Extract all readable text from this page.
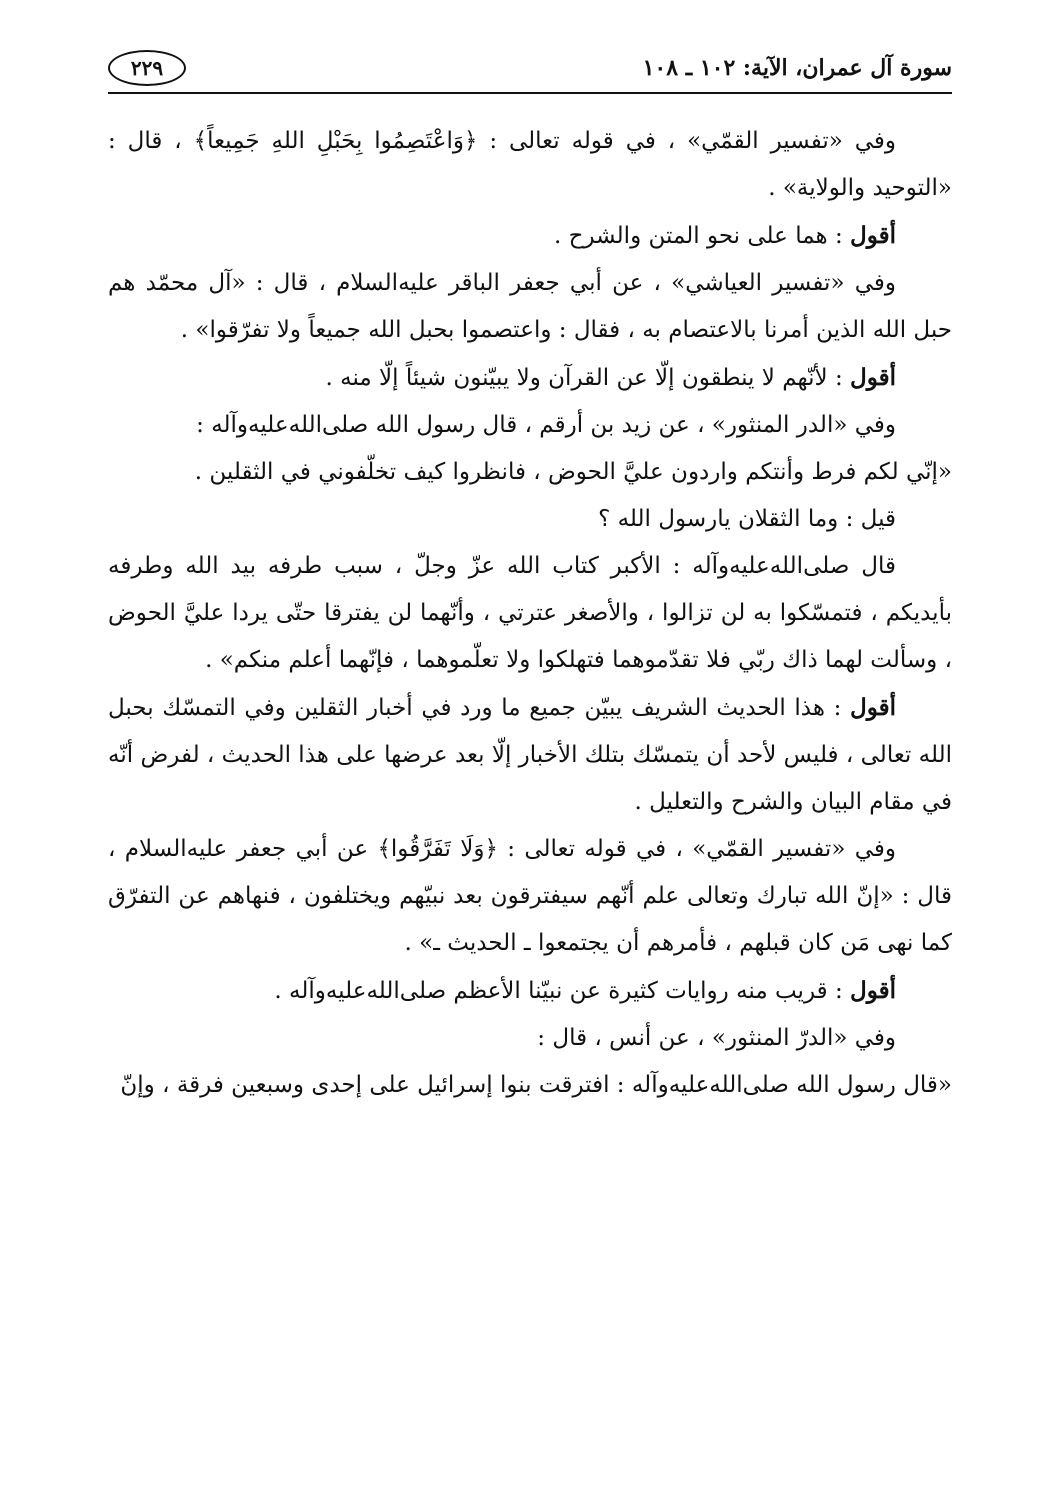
سورة آل عمران، الآية: ١٠٢ ـ ١٠٨
٢٢٩

وفي «تفسير القمّي» ، في قوله تعالى : ﴿وَاعْتَصِمُوا بِحَبْلِ اللهِ جَمِيعاً﴾ ، قال : «التوحيد والولاية» .

أقول : هما على نحو المتن والشرح .

وفي «تفسير العياشي» ، عن أبي جعفر الباقر عليه‌السلام ، قال : «آل محمّد هم حبل الله الذين أمرنا بالاعتصام به ، فقال : واعتصموا بحبل الله جميعاً ولا تفرّقوا» .

أقول : لأنّهم لا ينطقون إلّا عن القرآن ولا يبيّنون شيئاً إلّا منه .

وفي «الدر المنثور» ، عن زيد بن أرقم ، قال رسول الله صلى‌الله‌عليه‌وآله :

«إنّي لكم فرط وأنتكم واردون عليَّ الحوض ، فانظروا كيف تخلّفوني في الثقلين .

قيل : وما الثقلان يارسول الله ؟

قال صلى‌الله‌عليه‌وآله : الأكبر كتاب الله عزّ وجلّ ، سبب طرفه بيد الله وطرفه بأيديكم ، فتمسّكوا به لن تزالوا ، والأصغر عترتي ، وأنّهما لن يفترقا حتّى يردا عليَّ الحوض ، وسألت لهما ذاك ربّي فلا تقدّموهما فتهلكوا ولا تعلّموهما ، فإنّهما أعلم منكم» .

أقول : هذا الحديث الشريف يبيّن جميع ما ورد في أخبار الثقلين وفي التمسّك بحبل الله تعالى ، فليس لأحد أن يتمسّك بتلك الأخبار إلّا بعد عرضها على هذا الحديث ، لفرض أنّه في مقام البيان والشرح والتعليل .

وفي «تفسير القمّي» ، في قوله تعالى : ﴿وَلَا تَفَرَّقُوا﴾ عن أبي جعفر عليه‌السلام ، قال : «إنّ الله تبارك وتعالى علم أنّهم سيفترقون بعد نبيّهم ويختلفون ، فنهاهم عن التفرّق كما نهى مَن كان قبلهم ، فأمرهم أن يجتمعوا ـ الحديث ـ» .

أقول : قريب منه روايات كثيرة عن نبيّنا الأعظم صلى‌الله‌عليه‌وآله .

وفي «الدرّ المنثور» ، عن أنس ، قال :

«قال رسول الله صلى‌الله‌عليه‌وآله : افترقت بنوا إسرائيل على إحدى وسبعين فرقة ، وإنّ
